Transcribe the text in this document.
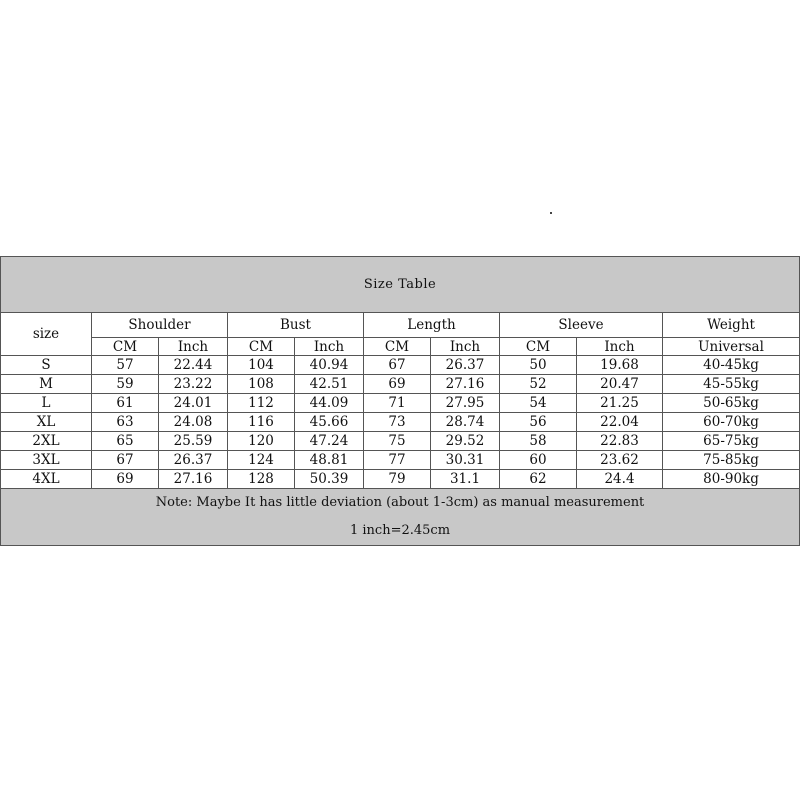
Size Table									
size	Shoulder		Bust		Length		Sleeve		Weight
	CM	Inch	CM	Inch	CM	Inch	CM	Inch	Universal
S	57	22.44	104	40.94	67	26.37	50	19.68	40-45kg
M	59	23.22	108	42.51	69	27.16	52	20.47	45-55kg
L	61	24.01	112	44.09	71	27.95	54	21.25	50-65kg
XL	63	24.08	116	45.66	73	28.74	56	22.04	60-70kg
2XL	65	25.59	120	47.24	75	29.52	58	22.83	65-75kg
3XL	67	26.37	124	48.81	77	30.31	60	23.62	75-85kg
4XL	69	27.16	128	50.39	79	31.1	62	24.4	80-90kg

Note: Maybe It has little deviation (about 1-3cm) as manual measurement
1 inch=2.45cm									
